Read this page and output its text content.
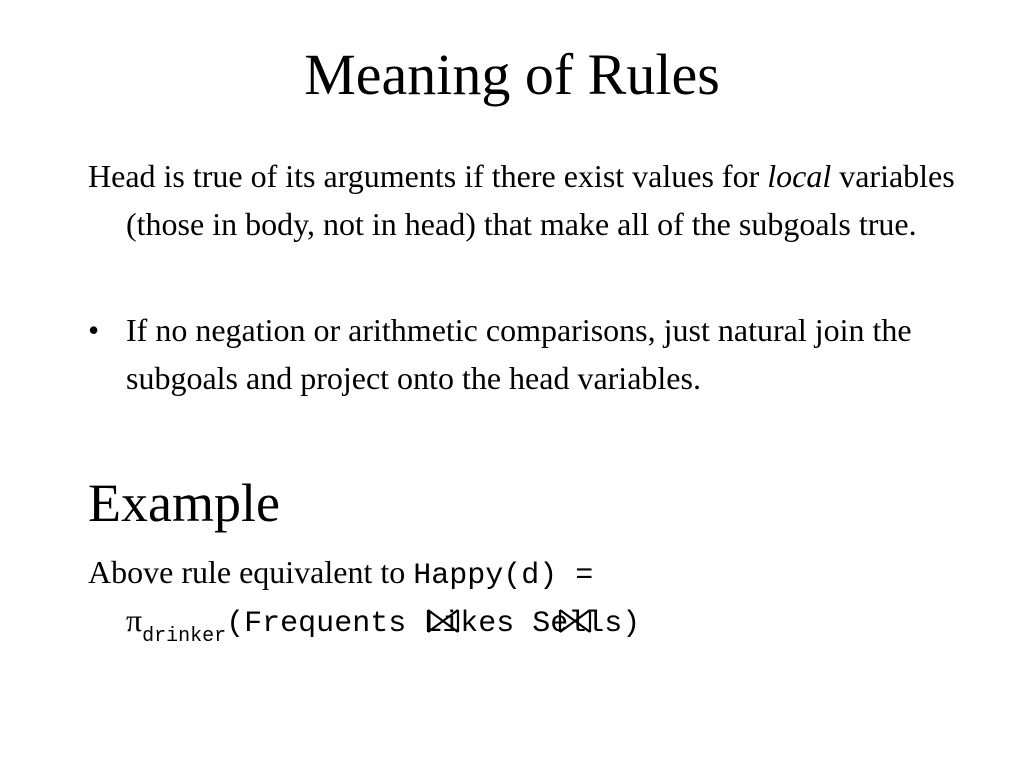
Meaning of Rules
Head is true of its arguments if there exist values for local variables (those in body, not in head) that make all of the subgoals true.
• If no negation or arithmetic comparisons, just natural join the subgoals and project onto the head variables.
Example
Above rule equivalent to Happy(d) =
$\pi_{drinker}(Frequents$ Likes Sells)
